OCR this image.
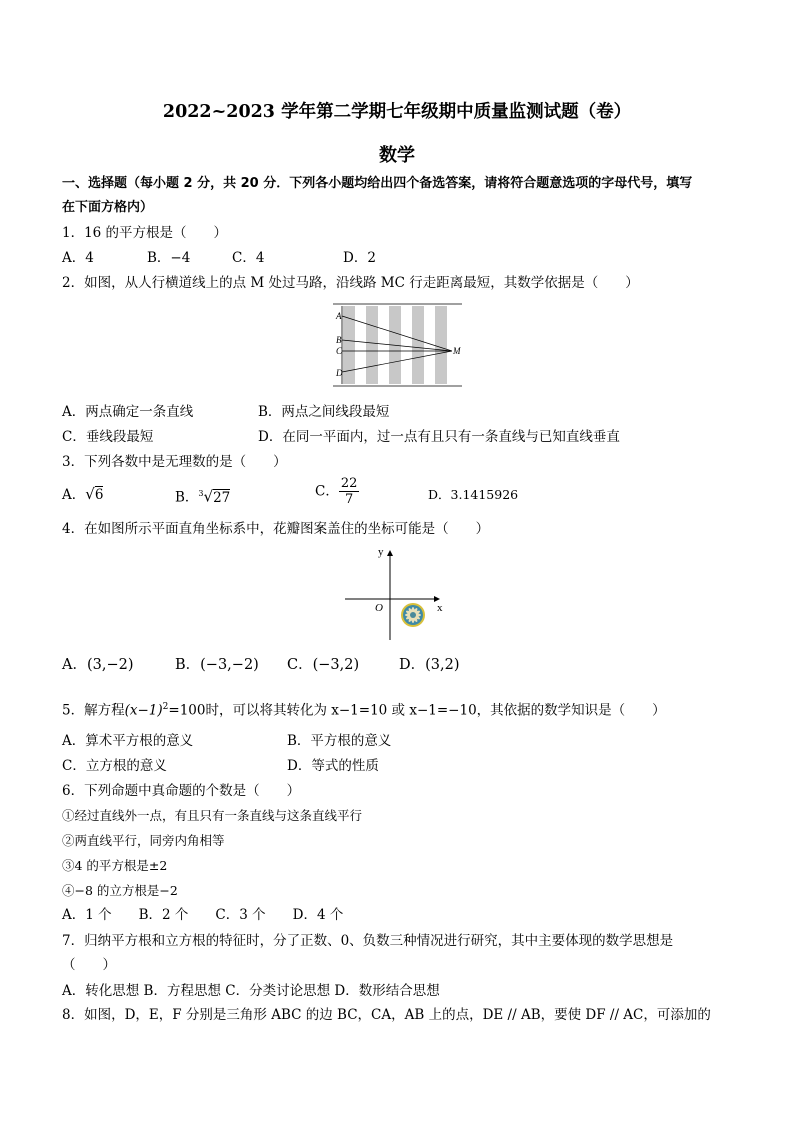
2022~2023 学年第二学期七年级期中质量监测试题（卷）
数学
一、选择题（每小题 2 分，共 20 分．下列各小题均给出四个备选答案，请将符合题意选项的字母代号，填写
在下面方格内）
1．16 的平方根是（　　）
A．4	B．−4	C．4	D．2
2．如图，从人行横道线上的点 M 处过马路，沿线路 MC 行走距离最短，其数学依据是（　　）
A
B
C
D
M
A．两点确定一条直线	B．两点之间线段最短
C．垂线段最短	D．在同一平面内，过一点有且只有一条直线与已知直线垂直
3．下列各数中是无理数的是（　　）
A．√6	B．$^3$√27	C． $\frac{22}{7}$	D．3.1415926
4．在如图所示平面直角坐标系中，花瓣图案盖住的坐标可能是（　　）
y
x
O
A．(3,−2)	B．(−3,−2) C．(−3,2)	D．(3,2)
5．解方程$(x-1)^2=100$时，可以将其转化为 x−1=10 或 x−1=−10，其依据的数学知识是（　　）
A．算术平方根的意义	B．平方根的意义
C．立方根的意义	D．等式的性质
6．下列命题中真命题的个数是（　　）
①经过直线外一点，有且只有一条直线与这条直线平行
②两直线平行，同旁内角相等
③4 的平方根是±2
④−8 的立方根是−2
A．1 个　　B．2 个　　C．3 个　　D．4 个
7．归纳平方根和立方根的特征时，分了正数、0、负数三种情况进行研究，其中主要体现的数学思想是
（　　）
A．转化思想 B．方程思想 C．分类讨论思想 D．数形结合思想
8．如图，D，E，F 分别是三角形 ABC 的边 BC，CA，AB 上的点，DE // AB，要使 DF // AC，可添加的
